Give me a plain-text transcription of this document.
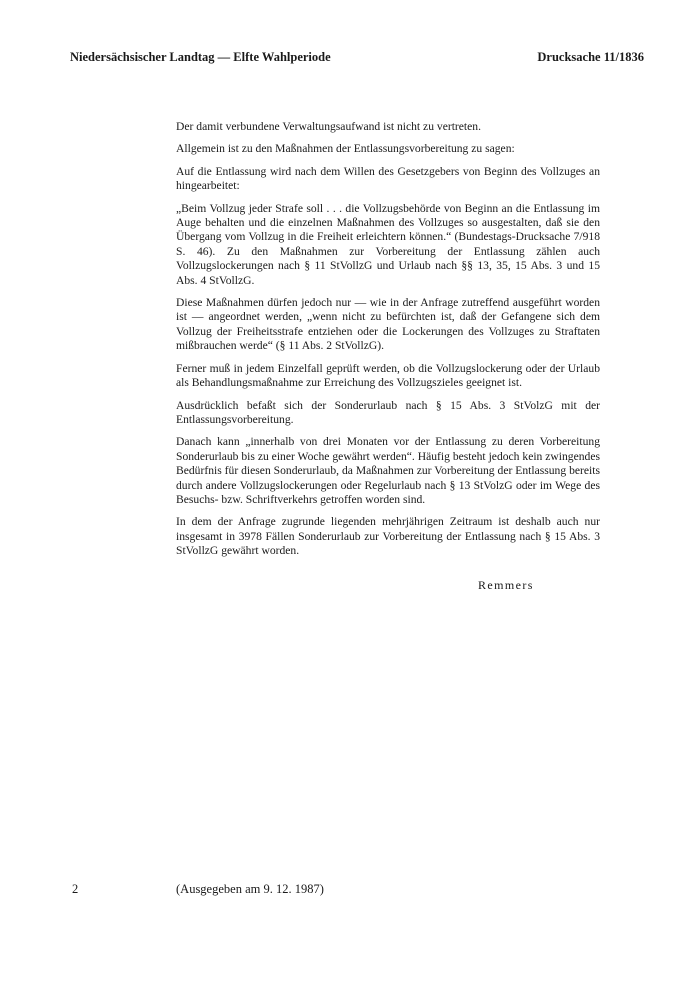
Niedersächsischer Landtag — Elfte Wahlperiode	Drucksache 11/1836

Der damit verbundene Verwaltungsaufwand ist nicht zu vertreten.

Allgemein ist zu den Maßnahmen der Entlassungsvorbereitung zu sagen:

Auf die Entlassung wird nach dem Willen des Gesetzgebers von Beginn des Vollzuges an hingearbeitet:

„Beim Vollzug jeder Strafe soll . . . die Vollzugsbehörde von Beginn an die Entlassung im Auge behalten und die einzelnen Maßnahmen des Vollzuges so ausgestalten, daß sie den Übergang vom Vollzug in die Freiheit erleichtern können.“ (Bundestags-Drucksache 7/918 S. 46). Zu den Maßnahmen zur Vorbereitung der Entlassung zählen auch Vollzugslockerungen nach § 11 StVollzG und Urlaub nach §§ 13, 35, 15 Abs. 3 und 15 Abs. 4 StVollzG.

Diese Maßnahmen dürfen jedoch nur — wie in der Anfrage zutreffend ausgeführt worden ist — angeordnet werden, „wenn nicht zu befürchten ist, daß der Gefangene sich dem Vollzug der Freiheitsstrafe entziehen oder die Lockerungen des Vollzuges zu Straftaten mißbrauchen werde“ (§ 11 Abs. 2 StVollzG).

Ferner muß in jedem Einzelfall geprüft werden, ob die Vollzugslockerung oder der Urlaub als Behandlungsmaßnahme zur Erreichung des Vollzugszieles geeignet ist.

Ausdrücklich befaßt sich der Sonderurlaub nach § 15 Abs. 3 StVolzG mit der Entlassungsvorbereitung.

Danach kann „innerhalb von drei Monaten vor der Entlassung zu deren Vorbereitung Sonderurlaub bis zu einer Woche gewährt werden“. Häufig besteht jedoch kein zwingendes Bedürfnis für diesen Sonderurlaub, da Maßnahmen zur Vorbereitung der Entlassung bereits durch andere Vollzugslockerungen oder Regelurlaub nach § 13 StVolzG oder im Wege des Besuchs- bzw. Schriftverkehrs getroffen worden sind.

In dem der Anfrage zugrunde liegenden mehrjährigen Zeitraum ist deshalb auch nur insgesamt in 3978 Fällen Sonderurlaub zur Vorbereitung der Entlassung nach § 15 Abs. 3 StVollzG gewährt worden.

Remmers
2	(Ausgegeben am 9. 12. 1987)
